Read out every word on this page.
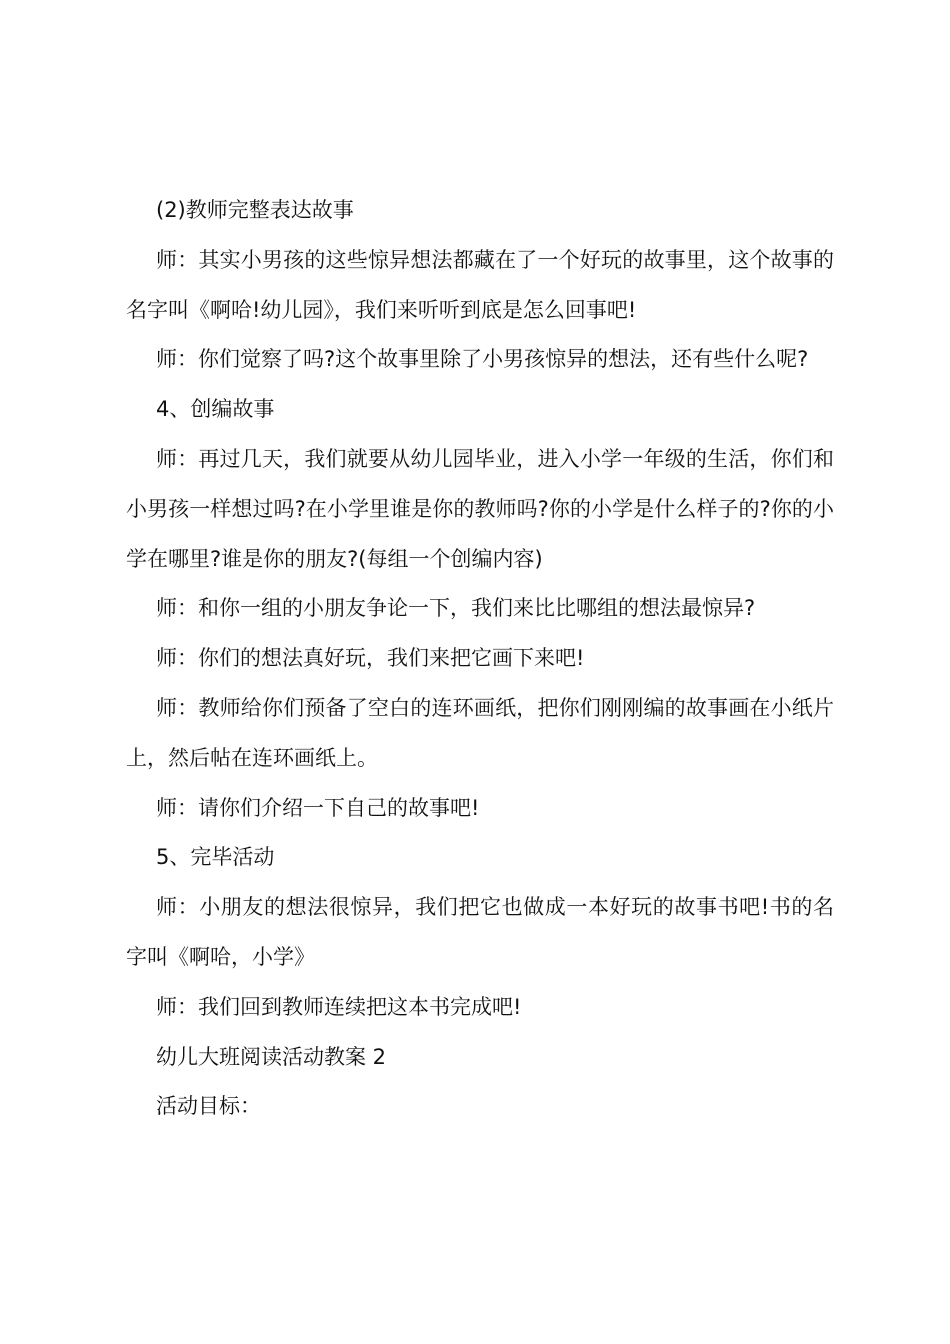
(2)教师完整表达故事

师：其实小男孩的这些惊异想法都藏在了一个好玩的故事里，这个故事的名字叫《啊哈!幼儿园》，我们来听听到底是怎么回事吧!

师：你们觉察了吗?这个故事里除了小男孩惊异的想法，还有些什么呢?

4、创编故事

师：再过几天，我们就要从幼儿园毕业，进入小学一年级的生活，你们和小男孩一样想过吗?在小学里谁是你的教师吗?你的小学是什么样子的?你的小学在哪里?谁是你的朋友?(每组一个创编内容)

师：和你一组的小朋友争论一下，我们来比比哪组的想法最惊异?

师：你们的想法真好玩，我们来把它画下来吧!

师：教师给你们预备了空白的连环画纸，把你们刚刚编的故事画在小纸片上，然后帖在连环画纸上。

师：请你们介绍一下自己的故事吧!

5、完毕活动

师：小朋友的想法很惊异，我们把它也做成一本好玩的故事书吧!书的名字叫《啊哈，小学》

师：我们回到教师连续把这本书完成吧!

幼儿大班阅读活动教案 2

活动目标：
